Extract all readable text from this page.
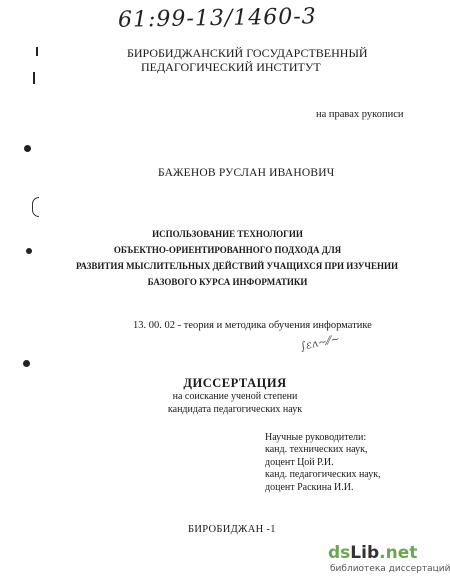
61:99-13/1460-3
БИРОБИДЖАНСКИЙ ГОСУДАРСТВЕННЫЙ
ПЕДАГОГИЧЕСКИЙ ИНСТИТУТ
на правах рукописи
БАЖЕНОВ РУСЛАН ИВАНОВИЧ
ИСПОЛЬЗОВАНИЕ ТЕХНОЛОГИИ
ОБЪЕКТНО-ОРИЕНТИРОВАННОГО ПОДХОДА ДЛЯ
РАЗВИТИЯ МЫСЛИТЕЛЬНЫХ ДЕЙСТВИЙ УЧАЩИХСЯ ПРИ ИЗУЧЕНИИ
БАЗОВОГО КУРСА ИНФОРМАТИКИ
13. 00. 02 - теория и методика обучения информатике
∫ɛʌ~⁄⁄~
ДИССЕРТАЦИЯ
на соискание ученой степени
кандидата педагогических наук
Научные руководители:
канд. технических наук,
доцент Цой Р.И.
канд. педагогических наук,
доцент Раскина И.И.
БИРОБИДЖАН -1
dsLib.net
библиотека диссертаций
